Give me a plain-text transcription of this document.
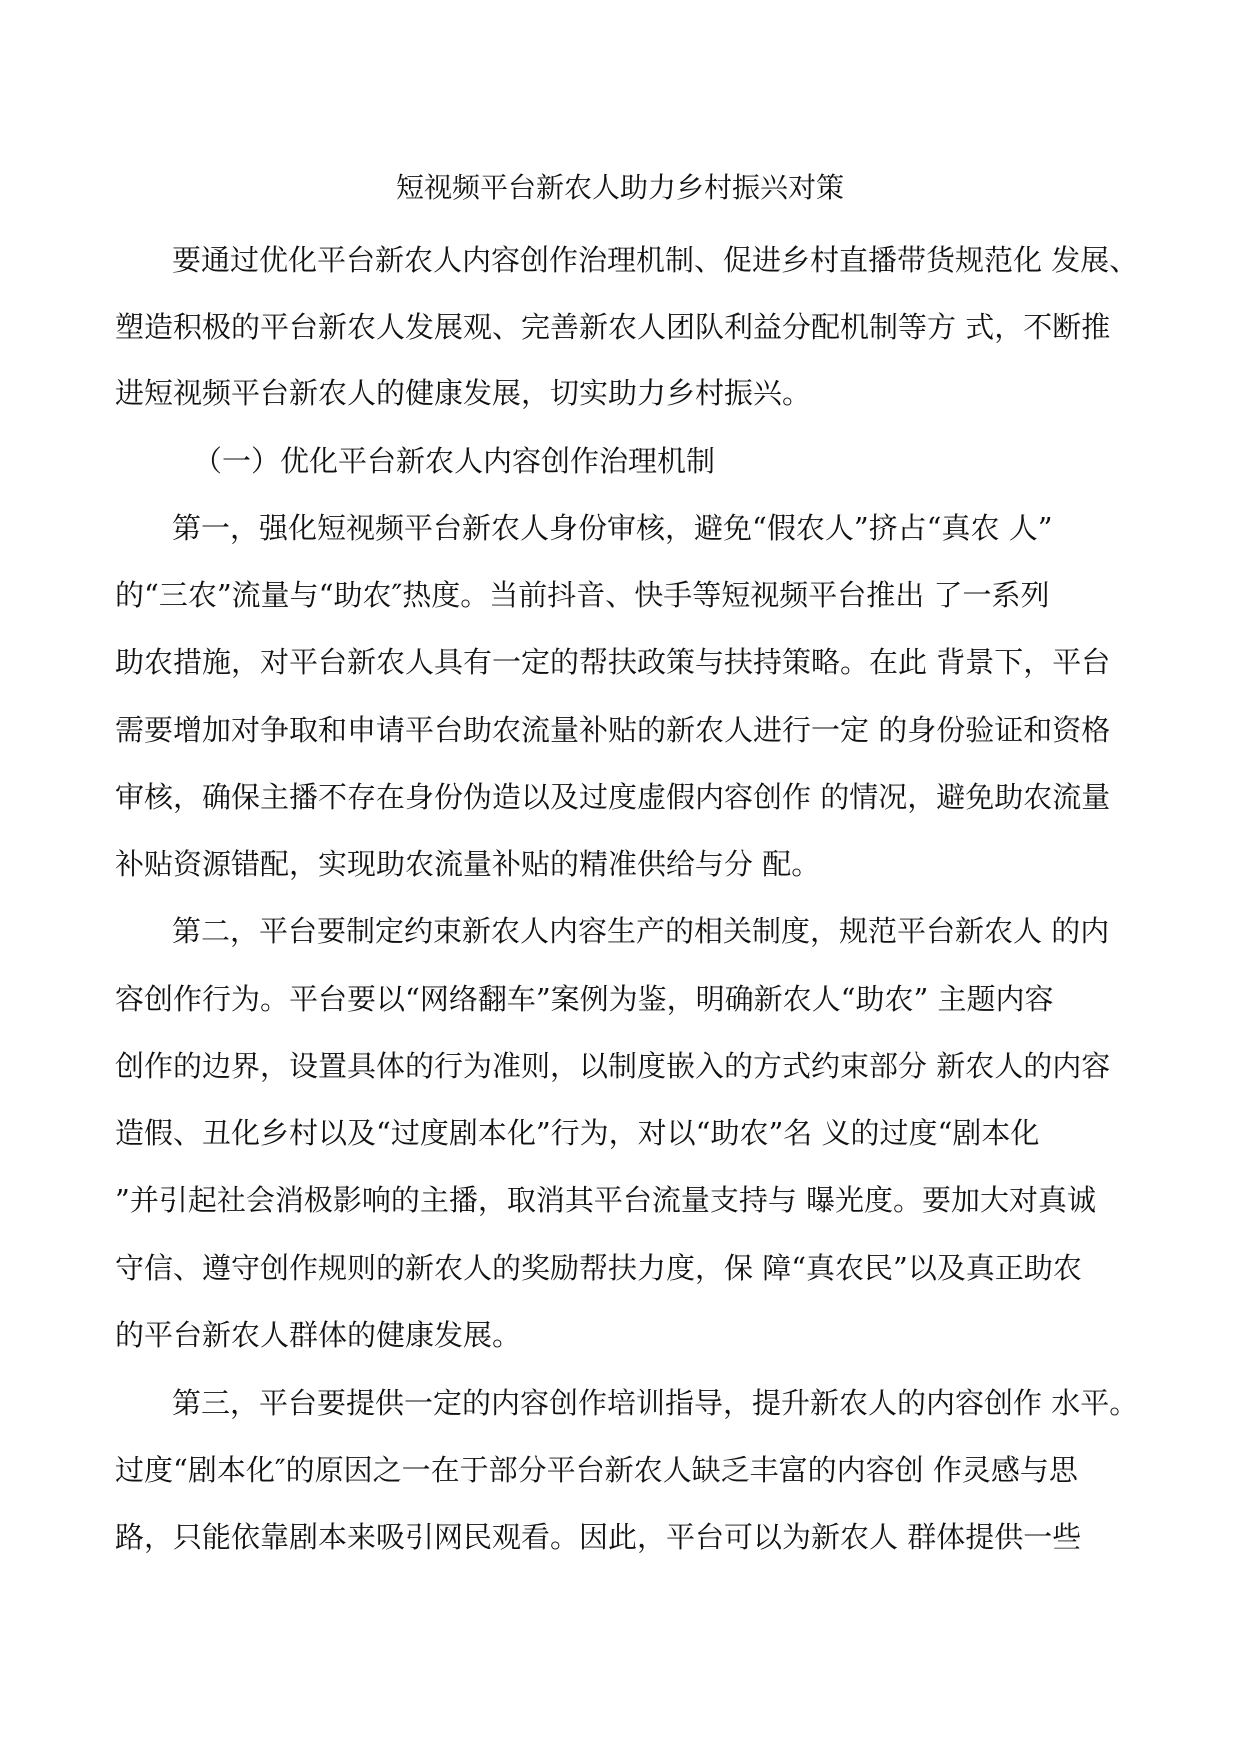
短视频平台新农人助力乡村振兴对策
要通过优化平台新农人内容创作治理机制、促进乡村直播带货规范化 发展、
塑造积极的平台新农人发展观、完善新农人团队利益分配机制等方 式，不断推
进短视频平台新农人的健康发展，切实助力乡村振兴。
（一）优化平台新农人内容创作治理机制
第一，强化短视频平台新农人身份审核，避免“假农人”挤占“真农 人”
的“三农”流量与“助农″热度。当前抖音、快手等短视频平台推出 了一系列
助农措施，对平台新农人具有一定的帮扶政策与扶持策略。在此 背景下，平台
需要增加对争取和申请平台助农流量补贴的新农人进行一定 的身份验证和资格
审核，确保主播不存在身份伪造以及过度虚假内容创作 的情况，避免助农流量
补贴资源错配，实现助农流量补贴的精准供给与分 配。
第二，平台要制定约束新农人内容生产的相关制度，规范平台新农人 的内
容创作行为。平台要以“网络翻车”案例为鉴，明确新农人“助农” 主题内容
创作的边界，设置具体的行为准则，以制度嵌入的方式约束部分 新农人的内容
造假、丑化乡村以及“过度剧本化”行为，对以“助农”名 义的过度“剧本化
”并引起社会消极影响的主播，取消其平台流量支持与 曝光度。要加大对真诚
守信、遵守创作规则的新农人的奖励帮扶力度，保 障“真农民”以及真正助农
的平台新农人群体的健康发展。
第三，平台要提供一定的内容创作培训指导，提升新农人的内容创作 水平。
过度“剧本化″的原因之一在于部分平台新农人缺乏丰富的内容创 作灵感与思
路，只能依靠剧本来吸引网民观看。因此，平台可以为新农人 群体提供一些
